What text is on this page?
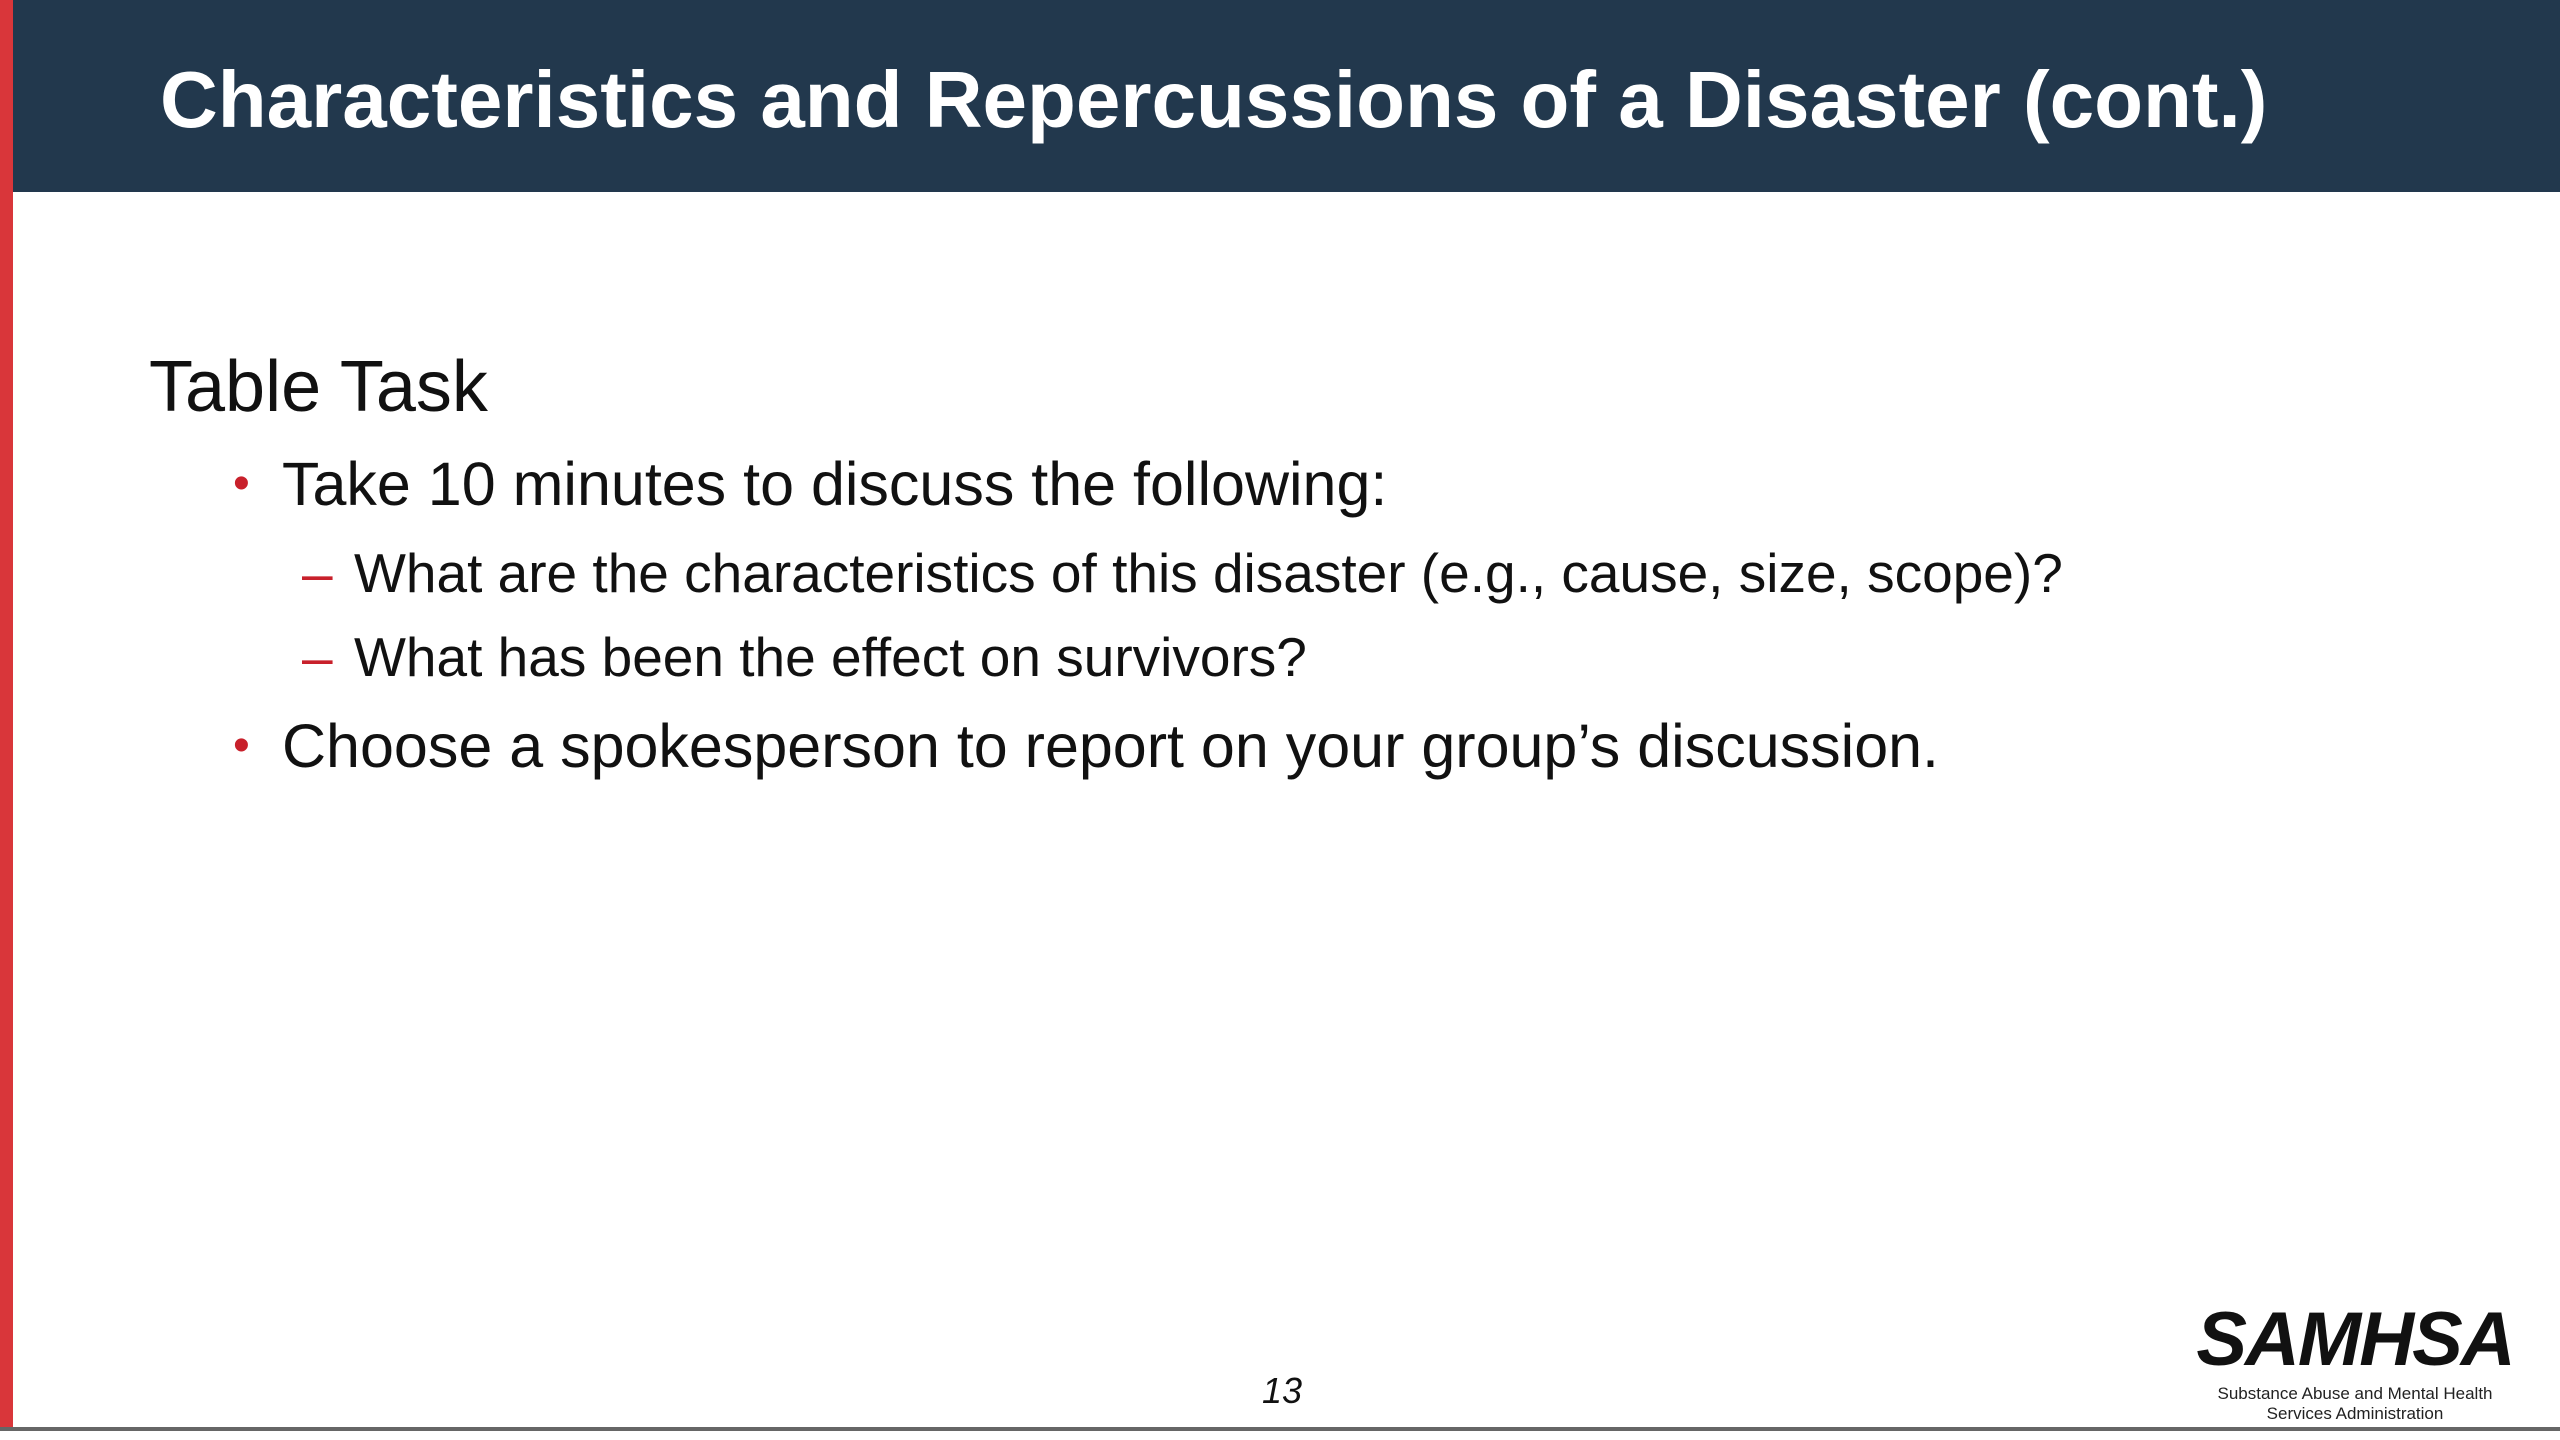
Characteristics and Repercussions of a Disaster (cont.)
Table Task
• Take 10 minutes to discuss the following:
– What are the characteristics of this disaster (e.g., cause, size, scope)?
– What has been the effect on survivors?
• Choose a spokesperson to report on your group’s discussion.
13
SAMHSA
Substance Abuse and Mental Health
Services Administration
